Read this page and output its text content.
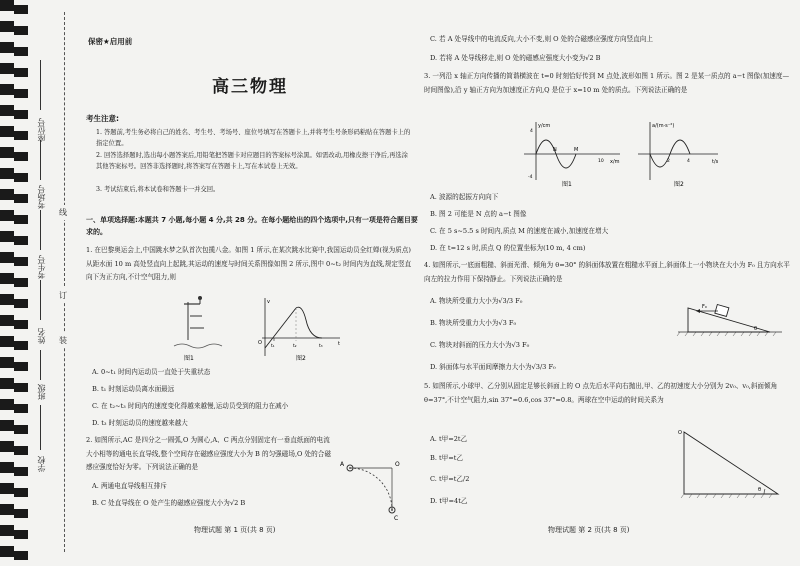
座位号
考场号
考生号
姓名
班级
学校
线
订
装
保密★启用前
高三物理
考生注意:
1. 答题前,考生务必将自己的姓名、考生号、考场号、座位号填写在答题卡上,并将考生号条形码粘贴在答题卡上的指定位置。
2. 回答选择题时,选出每小题答案后,用铅笔把答题卡对应题目的答案标号涂黑。如需改动,用橡皮擦干净后,再选涂其他答案标号。回答非选择题时,将答案写在答题卡上,写在本试卷上无效。
3. 考试结束后,将本试卷和答题卡一并交回。
一、单项选择题:本题共 7 小题,每小题 4 分,共 28 分。在每小题给出的四个选项中,只有一项是符合题目要求的。
1. 在巴黎奥运会上,中国跳水梦之队首次包揽八金。如图 1 所示,在某次跳水比赛中,我国运动员全红婵(视为质点)从距水面 10 m 高处竖直向上起跳,其运动的速度与时间关系图像如图 2 所示,图中 0~t₂ 时间内为直线,规定竖直向下为正方向,不计空气阻力,则
图1
v
t
O
t₁	t₂	t₃
图2
A. 0~t₁ 时间内运动员一直处于失重状态
B. t₁ 时刻运动员离水面最远
C. 在 t₂~t₃ 时间内的速度变化得越来越慢,运动员受到的阻力在减小
D. t₃ 时刻运动员的速度越来越大
2. 如图所示,AC 是四分之一圆弧,O 为圆心,A、C 两点分别固定有一垂直纸面的电流大小相等的通电长直导线,整个空间存在磁感应强度大小为 B 的匀强磁场,O 处的合磁感应强度恰好为零。下列说法正确的是	A	O
C
A. 两通电直导线相互排斥
B. C 处直导线在 O 处产生的磁感应强度大小为√2 B
物理试题 第 1 页(共 8 页)
C. 若 A 处导线中的电流反向,大小不变,则 O 处的合磁感应强度方向竖直向上
D. 若将 A 处导线移走,则 O 处的磁感应强度大小变为√2 B
3. 一列沿 x 轴正方向传播的简谐横波在 t=0 时刻恰好传到 M 点处,波形如图 1 所示。图 2 是某一质点的 a−t 图像(加速度—时间图像),沿 y 轴正方向为加速度正方向,Q 是位于 x=10 m 处的质点。下列说法正确的是
y/cm
x/m
N	M
4
-4
10
图1
a/(m·s⁻²)
t/s
2	4
图2
A. 波源的起振方向向下
B. 图 2 可能是 N 点的 a−t 图像
C. 在 5 s~5.5 s 时间内,质点 M 的速度在减小,加速度在增大
D. 在 t=12 s 时,质点 Q 的位置坐标为(10 m, 4 cm)
4. 如图所示,一底面粗糙、斜面光滑、倾角为 θ=30° 的斜面体放置在粗糙水平面上,斜面体上一小物块在大小为 F₀ 且方向水平向左的拉力作用下保持静止。下列说法正确的是
A. 物块所受重力大小为√3/3 F₀
B. 物块所受重力大小为√3 F₀
C. 物块对斜面的压力大小为√3 F₀
D. 斜面体与水平面间摩擦力大小为√3/3 F₀
F₀
θ
5. 如图所示,小球甲、乙分别从固定足够长斜面上的 O 点先后水平向右抛出,甲、乙的初速度大小分别为 2v₀、v₀,斜面倾角 θ=37°,不计空气阻力,sin 37°=0.6,cos 37°=0.8。两球在空中运动的时间关系为
A. t甲=2t乙
B. t甲=t乙
C. t甲=t乙/2
D. t甲=4t乙
O
θ
物理试题 第 2 页(共 8 页)
